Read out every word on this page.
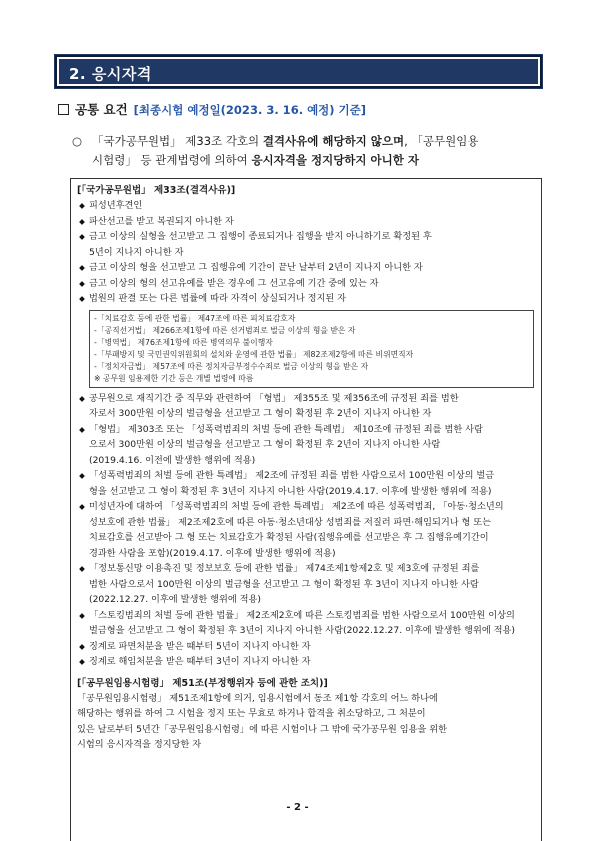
2. 응시자격
공통 요건 [최종시험 예정일(2023. 3. 16. 예정) 기준]
○ 「국가공무원법」 제33조 각호의 결격사유에 해당하지 않으며, 「공무원임용
시험령」 등 관계법령에 의하여 응시자격을 정지당하지 아니한 자
[「국가공무원법」 제33조(결격사유)]
피성년후견인
파산선고를 받고 복권되지 아니한 자
금고 이상의 실형을 선고받고 그 집행이 종료되거나 집행을 받지 아니하기로 확정된 후
5년이 지나지 아니한 자
금고 이상의 형을 선고받고 그 집행유예 기간이 끝난 날부터 2년이 지나지 아니한 자
금고 이상의 형의 선고유예를 받은 경우에 그 선고유예 기간 중에 있는 자
법원의 판결 또는 다른 법률에 따라 자격이 상실되거나 정지된 자
-「치료감호 등에 관한 법률」 제47조에 따른 피치료감호자
-「공직선거법」 제266조제1항에 따른 선거범죄로 벌금 이상의 형을 받은 자
-「병역법」 제76조제1항에 따른 병역의무 불이행자
-「부패방지 및 국민권익위원회의 설치와 운영에 관한 법률」 제82조제2항에 따른 비위면직자
-「정치자금법」 제57조에 따른 정치자금부정수수죄로 벌금 이상의 형을 받은 자
※ 공무원 임용제한 기간 등은 개별 법령에 따름
공무원으로 재직기간 중 직무와 관련하여 「형법」 제355조 및 제356조에 규정된 죄를 범한
자로서 300만원 이상의 벌금형을 선고받고 그 형이 확정된 후 2년이 지나지 아니한 자
「형법」 제303조 또는 「성폭력범죄의 처벌 등에 관한 특례법」 제10조에 규정된 죄를 범한 사람
으로서 300만원 이상의 벌금형을 선고받고 그 형이 확정된 후 2년이 지나지 아니한 사람
(2019.4.16. 이전에 발생한 행위에 적용)
「성폭력범죄의 처벌 등에 관한 특례법」 제2조에 규정된 죄를 범한 사람으로서 100만원 이상의 벌금
형을 선고받고 그 형이 확정된 후 3년이 지나지 아니한 사람(2019.4.17. 이후에 발생한 행위에 적용)
미성년자에 대하여 「성폭력범죄의 처벌 등에 관한 특례법」 제2조에 따른 성폭력범죄, 「아동·청소년의
성보호에 관한 법률」 제2조제2호에 따른 아동·청소년대상 성범죄를 저질러 파면·해임되거나 형 또는
치료감호를 선고받아 그 형 또는 치료감호가 확정된 사람(집행유예를 선고받은 후 그 집행유예기간이
경과한 사람을 포함)(2019.4.17. 이후에 발생한 행위에 적용)
「정보통신망 이용촉진 및 정보보호 등에 관한 법률」 제74조제1항제2호 및 제3호에 규정된 죄를
범한 사람으로서 100만원 이상의 벌금형을 선고받고 그 형이 확정된 후 3년이 지나지 아니한 사람
(2022.12.27. 이후에 발생한 행위에 적용)
「스토킹범죄의 처벌 등에 관한 법률」 제2조제2호에 따른 스토킹범죄를 범한 사람으로서 100만원 이상의
벌금형을 선고받고 그 형이 확정된 후 3년이 지나지 아니한 사람(2022.12.27. 이후에 발생한 행위에 적용)
징계로 파면처분을 받은 때부터 5년이 지나지 아니한 자
징계로 해임처분을 받은 때부터 3년이 지나지 아니한 자
[「공무원임용시험령」 제51조(부정행위자 등에 관한 조치)]
「공무원임용시험령」 제51조제1항에 의거, 임용시험에서 동조 제1항 각호의 어느 하나에
해당하는 행위를 하여 그 시험을 정지 또는 무효로 하거나 합격을 취소당하고, 그 처분이
있은 날로부터 5년간「공무원임용시험령」에 따른 시험이나 그 밖에 국가공무원 임용을 위한
시험의 응시자격을 정지당한 자
- 2 -
